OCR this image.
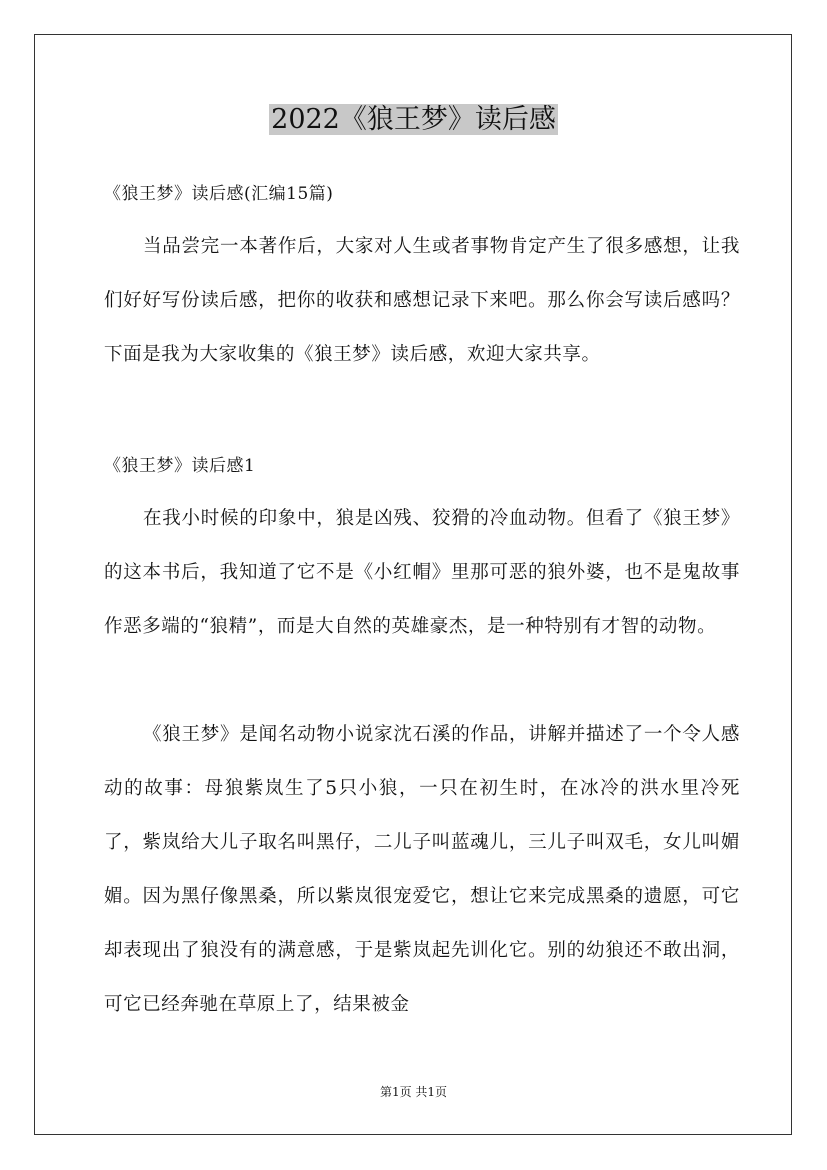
2022《狼王梦》读后感
《狼王梦》读后感(汇编15篇)
当品尝完一本著作后，大家对人生或者事物肯定产生了很多感想，让我们好好写份读后感，把你的收获和感想记录下来吧。那么你会写读后感吗？下面是我为大家收集的《狼王梦》读后感，欢迎大家共享。
《狼王梦》读后感1
在我小时候的印象中，狼是凶残、狡猾的冷血动物。但看了《狼王梦》的这本书后，我知道了它不是《小红帽》里那可恶的狼外婆，也不是鬼故事作恶多端的“狼精”，而是大自然的英雄豪杰，是一种特别有才智的动物。
《狼王梦》是闻名动物小说家沈石溪的作品，讲解并描述了一个令人感动的故事：母狼紫岚生了5只小狼，一只在初生时，在冰冷的洪水里冷死了，紫岚给大儿子取名叫黑仔，二儿子叫蓝魂儿，三儿子叫双毛，女儿叫媚媚。因为黑仔像黑桑，所以紫岚很宠爱它，想让它来完成黑桑的遗愿，可它却表现出了狼没有的满意感，于是紫岚起先训化它。别的幼狼还不敢出洞，可它已经奔驰在草原上了，结果被金
第1页 共1页
